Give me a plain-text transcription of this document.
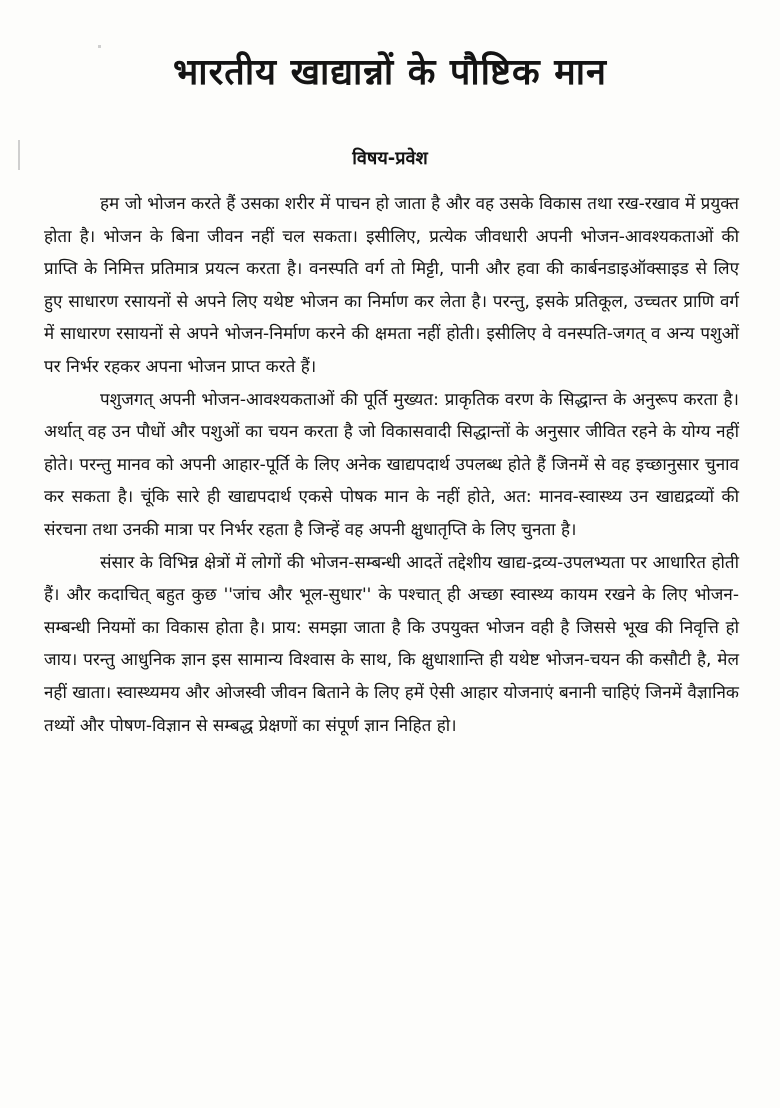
भारतीय खाद्यान्नों के पौष्टिक मान
विषय-प्रवेश

हम जो भोजन करते हैं उसका शरीर में पाचन हो जाता है और वह उसके विकास तथा रख-रखाव में प्रयुक्त होता है। भोजन के बिना जीवन नहीं चल सकता। इसीलिए, प्रत्येक जीवधारी अपनी भोजन-आवश्यकताओं की प्राप्ति के निमित्त प्रतिमात्र प्रयत्न करता है। वनस्पति वर्ग तो मिट्टी, पानी और हवा की कार्बनडाइऑक्साइड से लिए हुए साधारण रसायनों से अपने लिए यथेष्ट भोजन का निर्माण कर लेता है। परन्तु, इसके प्रतिकूल, उच्चतर प्राणि वर्ग में साधारण रसायनों से अपने भोजन-निर्माण करने की क्षमता नहीं होती। इसीलिए वे वनस्पति-जगत् व अन्य पशुओं पर निर्भर रहकर अपना भोजन प्राप्त करते हैं।

पशुजगत् अपनी भोजन-आवश्यकताओं की पूर्ति मुख्यत: प्राकृतिक वरण के सिद्धान्त के अनुरूप करता है। अर्थात् वह उन पौधों और पशुओं का चयन करता है जो विकासवादी सिद्धान्तों के अनुसार जीवित रहने के योग्य नहीं होते। परन्तु मानव को अपनी आहार-पूर्ति के लिए अनेक खाद्यपदार्थ उपलब्ध होते हैं जिनमें से वह इच्छानुसार चुनाव कर सकता है। चूंकि सारे ही खाद्यपदार्थ एकसे पोषक मान के नहीं होते, अत: मानव-स्वास्थ्य उन खाद्यद्रव्यों की संरचना तथा उनकी मात्रा पर निर्भर रहता है जिन्हें वह अपनी क्षुधातृप्ति के लिए चुनता है।

संसार के विभिन्न क्षेत्रों में लोगों की भोजन-सम्बन्धी आदतें तद्देशीय खाद्य-द्रव्य-उपलभ्यता पर आधारित होती हैं। और कदाचित् बहुत कुछ ''जांच और भूल-सुधार'' के पश्चात् ही अच्छा स्वास्थ्य कायम रखने के लिए भोजन-सम्बन्धी नियमों का विकास होता है। प्राय: समझा जाता है कि उपयुक्त भोजन वही है जिससे भूख की निवृत्ति हो जाय। परन्तु आधुनिक ज्ञान इस सामान्य विश्वास के साथ, कि क्षुधाशान्ति ही यथेष्ट भोजन-चयन की कसौटी है, मेल नहीं खाता। स्वास्थ्यमय और ओजस्वी जीवन बिताने के लिए हमें ऐसी आहार योजनाएं बनानी चाहिएं जिनमें वैज्ञानिक तथ्यों और पोषण-विज्ञान से सम्बद्ध प्रेक्षणों का संपूर्ण ज्ञान निहित हो।
